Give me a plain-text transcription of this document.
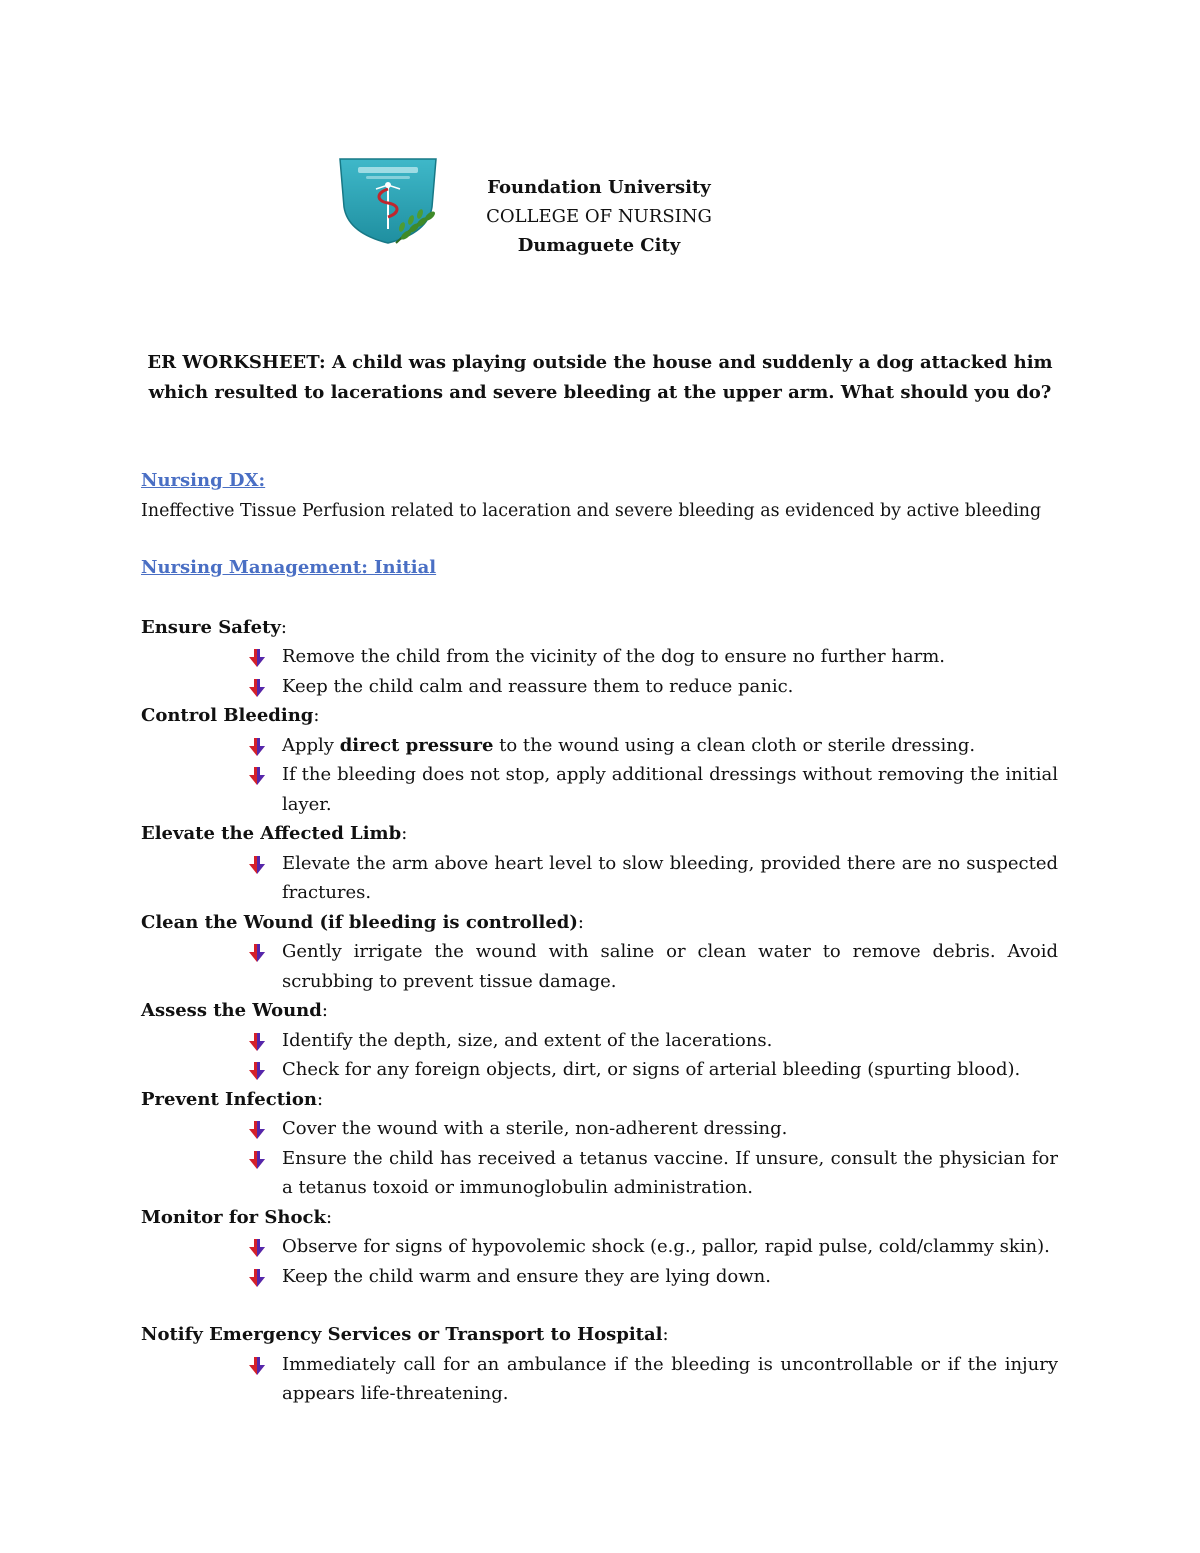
Foundation University
COLLEGE OF NURSING
Dumaguete City
ER WORKSHEET: A child was playing outside the house and suddenly a dog attacked him
which resulted to lacerations and severe bleeding at the upper arm. What should you do?
Nursing DX:
Ineffective Tissue Perfusion related to laceration and severe bleeding as evidenced by active bleeding
Nursing Management: Initial
Ensure Safety:
Remove the child from the vicinity of the dog to ensure no further harm.
Keep the child calm and reassure them to reduce panic.
Control Bleeding:
Apply direct pressure to the wound using a clean cloth or sterile dressing.
If the bleeding does not stop, apply additional dressings without removing the initial layer.
Elevate the Affected Limb:
Elevate the arm above heart level to slow bleeding, provided there are no suspected fractures.
Clean the Wound (if bleeding is controlled):
Gently irrigate the wound with saline or clean water to remove debris. Avoid scrubbing to prevent tissue damage.
Assess the Wound:
Identify the depth, size, and extent of the lacerations.
Check for any foreign objects, dirt, or signs of arterial bleeding (spurting blood).
Prevent Infection:
Cover the wound with a sterile, non-adherent dressing.
Ensure the child has received a tetanus vaccine. If unsure, consult the physician for a tetanus toxoid or immunoglobulin administration.
Monitor for Shock:
Observe for signs of hypovolemic shock (e.g., pallor, rapid pulse, cold/clammy skin).
Keep the child warm and ensure they are lying down.
Notify Emergency Services or Transport to Hospital:
Immediately call for an ambulance if the bleeding is uncontrollable or if the injury appears life-threatening.
